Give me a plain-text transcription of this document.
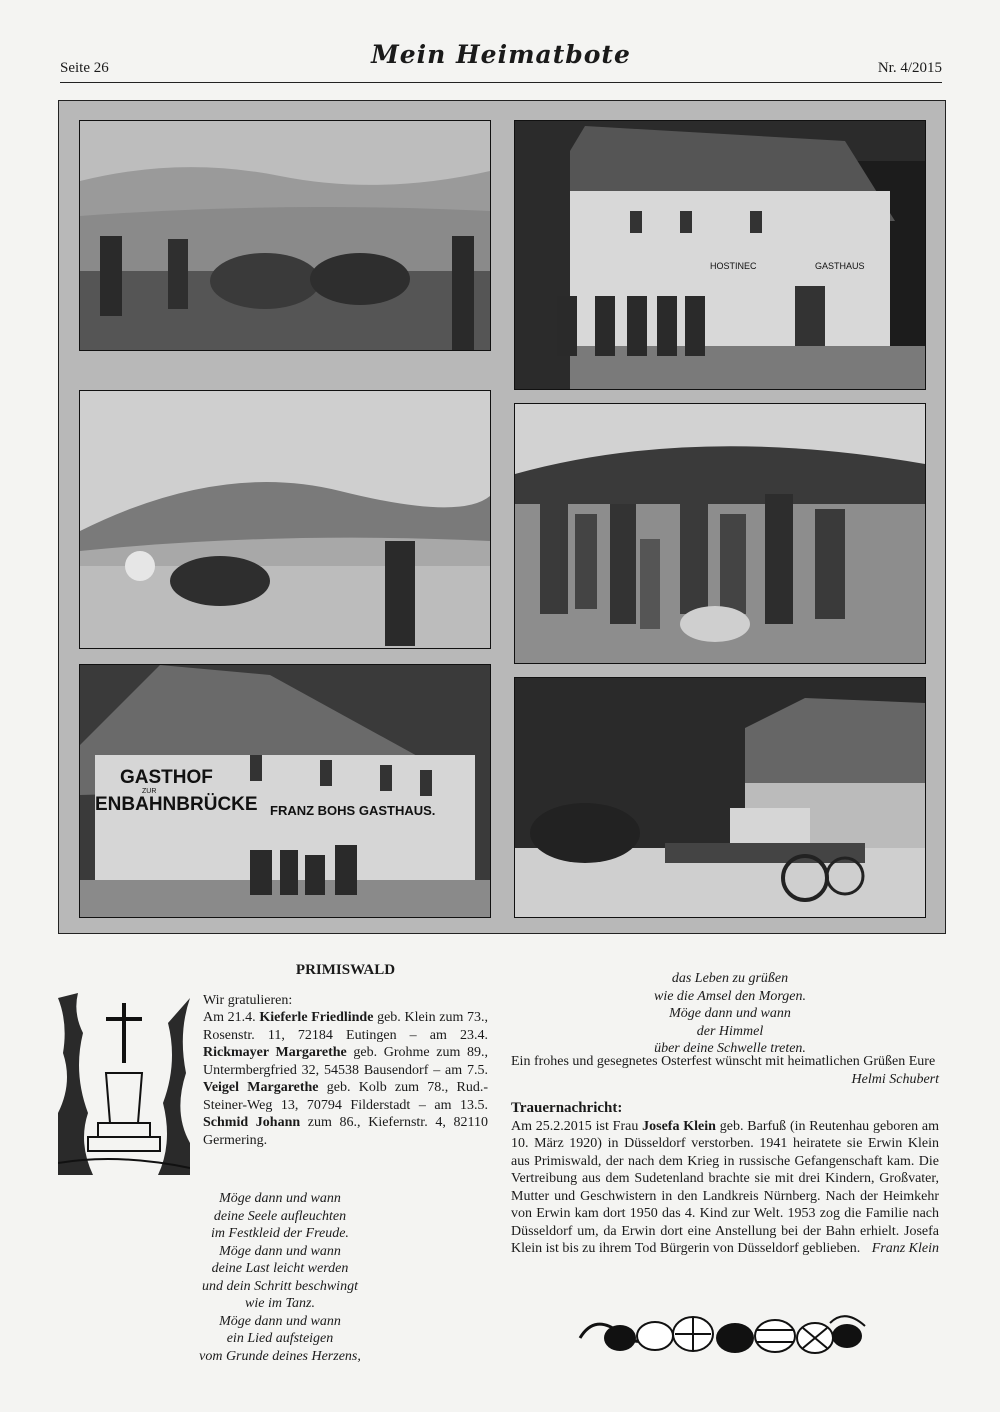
Seite 26	Mein Heimatbote	Nr. 4/2015
HOSTINEC	GASTHAUS
GASTHOF
ZUR
ENBAHNBRÜCKE FRANZ BOHS GASTHAUS.
PRIMISWALD
Wir gratulieren:
Am 21.4. Kieferle Friedlinde geb. Klein zum 73., Rosenstr. 11, 72184 Eutingen – am 23.4. Rickmayer Margarethe geb. Grohme zum 89., Untermbergfried 32, 54538 Bausendorf – am 7.5. Veigel Margarethe geb. Kolb zum 78., Rud.-Steiner-Weg 13, 70794 Filderstadt – am 13.5. Schmid Johann zum 86., Kiefernstr. 4, 82110 Germering.
Möge dann und wann
deine Seele aufleuchten
im Festkleid der Freude.
Möge dann und wann
deine Last leicht werden
und dein Schritt beschwingt
wie im Tanz.
Möge dann und wann
ein Lied aufsteigen
vom Grunde deines Herzens,
das Leben zu grüßen
wie die Amsel den Morgen.
Möge dann und wann
der Himmel
über deine Schwelle treten.
Ein frohes und gesegnetes Osterfest wünscht mit heimatlichen Grüßen Eure
Helmi Schubert
Trauernachricht:
Am 25.2.2015 ist Frau Josefa Klein geb. Barfuß (in Reutenhau geboren am 10. März 1920) in Düsseldorf verstorben. 1941 heiratete sie Erwin Klein aus Primiswald, der nach dem Krieg in russische Gefangenschaft kam. Die Vertreibung aus dem Sudetenland brachte sie mit drei Kindern, Großvater, Mutter und Geschwistern in den Landkreis Nürnberg. Nach der Heimkehr von Erwin kam dort 1950 das 4. Kind zur Welt. 1953 zog die Familie nach Düsseldorf um, da Erwin dort eine Anstellung bei der Bahn erhielt. Josefa Klein ist bis zu ihrem Tod Bürgerin von Düsseldorf geblieben. Franz Klein
